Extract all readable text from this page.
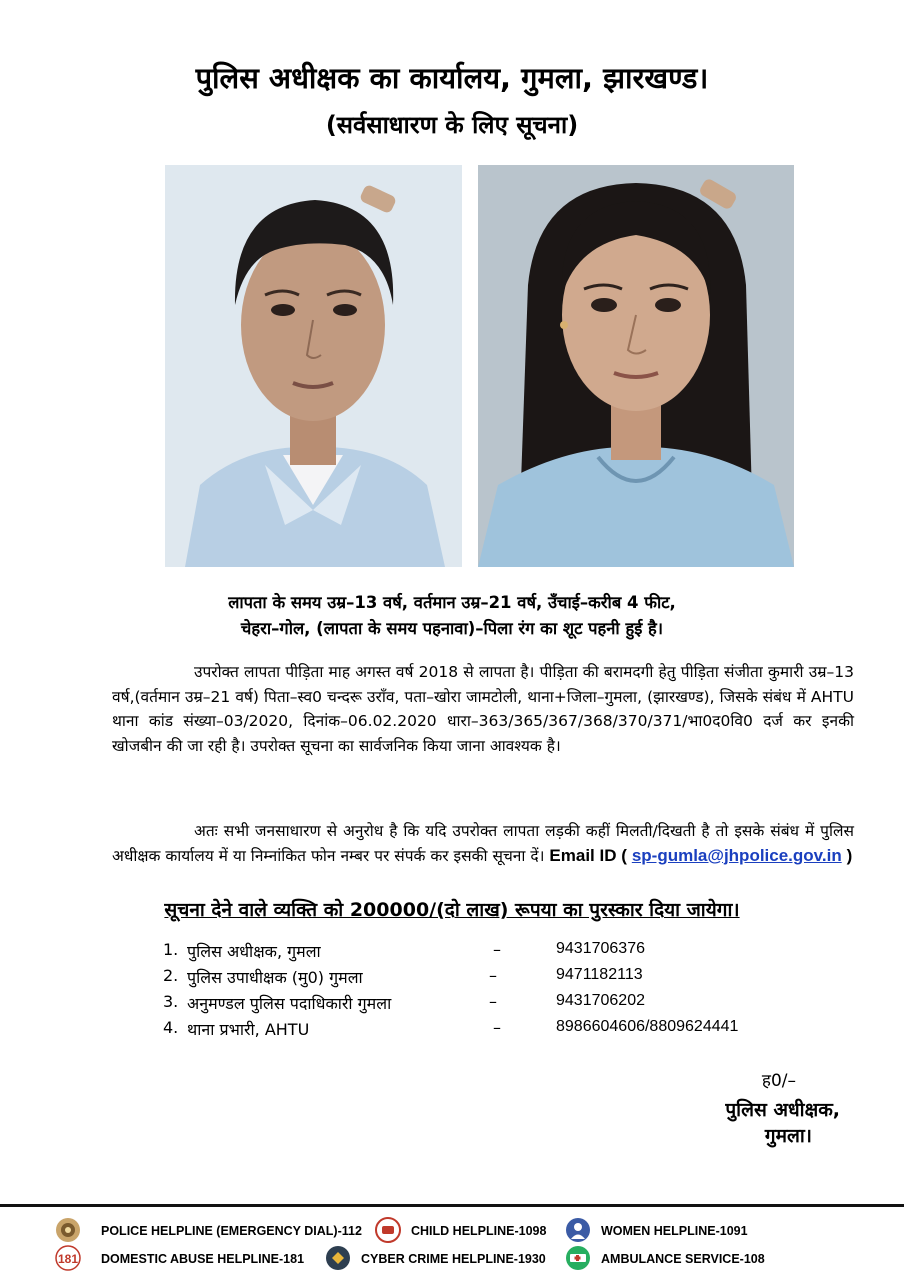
पुलिस अधीक्षक का कार्यालय, गुमला, झारखण्ड।
(सर्वसाधारण के लिए सूचना)
लापता के समय उम्र–13 वर्ष, वर्तमान उम्र–21 वर्ष, उँचाई–करीब 4 फीट,
चेहरा–गोल, (लापता के समय पहनावा)–पिला रंग का शूट पहनी हुई है।
उपरोक्त लापता पीड़िता माह अगस्त वर्ष 2018 से लापता है। पीड़िता की बरामदगी हेतु पीड़िता संजीता कुमारी उम्र–13 वर्ष,(वर्तमान उम्र–21 वर्ष) पिता–स्व0 चन्दरू उराँव, पता–खोरा जामटोली, थाना+जिला–गुमला, (झारखण्ड), जिसके संबंध में AHTU थाना कांड संख्या–03/2020, दिनांक–06.02.2020 धारा–363/365/367/368/370/371/भा0द0वि0 दर्ज कर इनकी खोजबीन की जा रही है। उपरोक्त सूचना का सार्वजनिक किया जाना आवश्यक है।
अतः सभी जनसाधारण से अनुरोध है कि यदि उपरोक्त लापता लड़की कहीं मिलती/दिखती है तो इसके संबंध में पुलिस अधीक्षक कार्यालय में या निम्नांकित फोन नम्बर पर संपर्क कर इसकी सूचना दें। Email ID ( sp-gumla@jhpolice.gov.in )
सूचना देने वाले व्यक्ति को 200000/(दो लाख) रूपया का पुरस्कार दिया जायेगा।
1. पुलिस अधीक्षक, गुमला	–	9431706376
2. पुलिस उपाधीक्षक (मु0) गुमला	–	9471182113
3. अनुमण्डल पुलिस पदाधिकारी गुमला	–	9431706202
4. थाना प्रभारी, AHTU	–	8986604606/8809624441
ह0/–
पुलिस अधीक्षक,
गुमला।
POLICE HELPLINE (EMERGENCY DIAL)-112	CHILD HELPLINE-1098	WOMEN HELPLINE-1091
181 DOMESTIC ABUSE HELPLINE-181	CYBER CRIME HELPLINE-1930	AMBULANCE SERVICE-108
